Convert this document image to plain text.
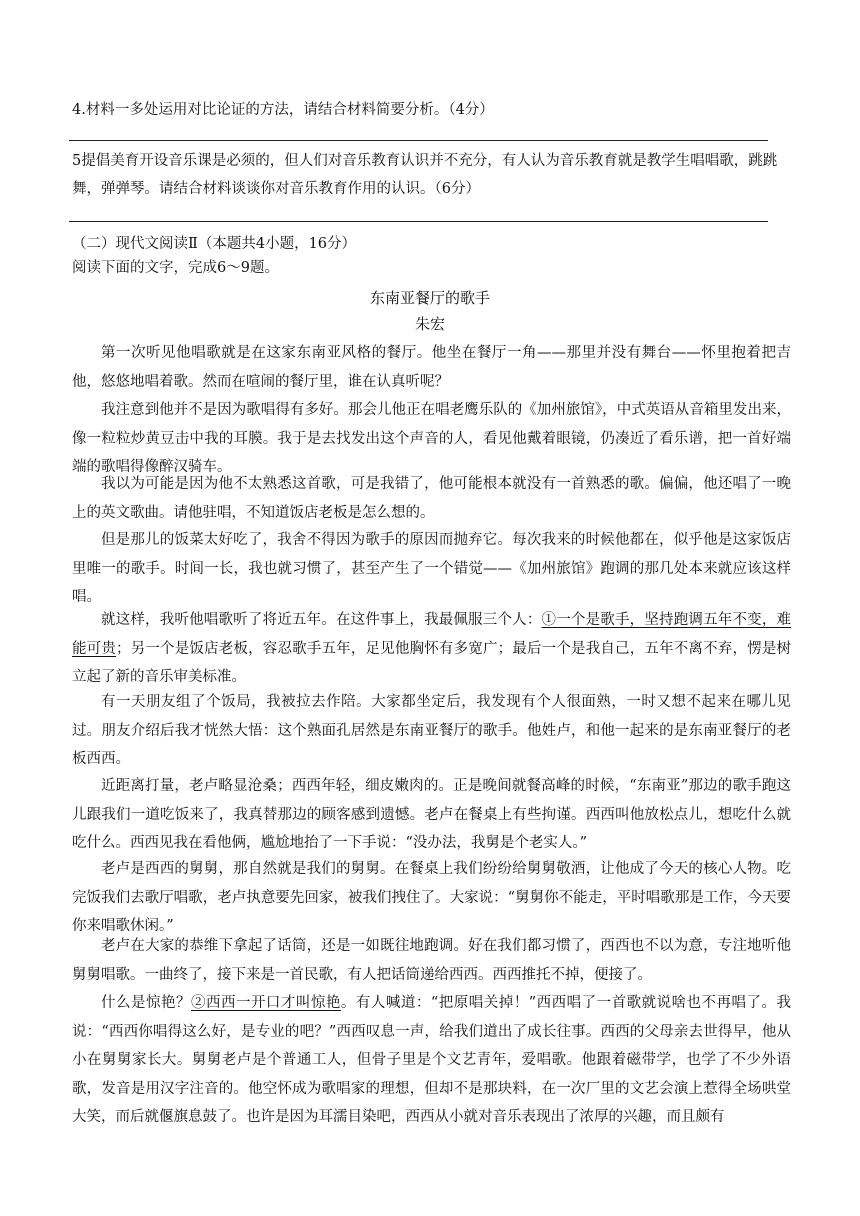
4.材料一多处运用对比论证的方法，请结合材料简要分析。（4分）
5提倡美育开设音乐课是必须的，但人们对音乐教育认识并不充分，有人认为音乐教育就是教学生唱唱歌，跳跳舞，弹弹琴。请结合材料谈谈你对音乐教育作用的认识。（6分）
（二）现代文阅读Ⅱ（本题共4小题，16分）
阅读下面的文字，完成6～9题。
东南亚餐厅的歌手
朱宏

第一次听见他唱歌就是在这家东南亚风格的餐厅。他坐在餐厅一角——那里并没有舞台——怀里抱着把吉他，悠悠地唱着歌。然而在喧闹的餐厅里，谁在认真听呢？

我注意到他并不是因为歌唱得有多好。那会儿他正在唱老鹰乐队的《加州旅馆》，中式英语从音箱里发出来，像一粒粒炒黄豆击中我的耳膜。我于是去找发出这个声音的人，看见他戴着眼镜，仍凑近了看乐谱，把一首好端端的歌唱得像醉汉骑车。

我以为可能是因为他不太熟悉这首歌，可是我错了，他可能根本就没有一首熟悉的歌。偏偏，他还唱了一晚上的英文歌曲。请他驻唱，不知道饭店老板是怎么想的。

但是那儿的饭菜太好吃了，我舍不得因为歌手的原因而抛弃它。每次我来的时候他都在，似乎他是这家饭店里唯一的歌手。时间一长，我也就习惯了，甚至产生了一个错觉——《加州旅馆》跑调的那几处本来就应该这样唱。

就这样，我听他唱歌听了将近五年。在这件事上，我最佩服三个人：①一个是歌手，坚持跑调五年不变，难能可贵；另一个是饭店老板，容忍歌手五年，足见他胸怀有多宽广；最后一个是我自己，五年不离不弃，愣是树立起了新的音乐审美标准。

有一天朋友组了个饭局，我被拉去作陪。大家都坐定后，我发现有个人很面熟，一时又想不起来在哪儿见过。朋友介绍后我才恍然大悟：这个熟面孔居然是东南亚餐厅的歌手。他姓卢，和他一起来的是东南亚餐厅的老板西西。

近距离打量，老卢略显沧桑；西西年轻，细皮嫩肉的。正是晚间就餐高峰的时候，“东南亚”那边的歌手跑这儿跟我们一道吃饭来了，我真替那边的顾客感到遗憾。老卢在餐桌上有些拘谨。西西叫他放松点儿，想吃什么就吃什么。西西见我在看他俩，尴尬地抬了一下手说：“没办法，我舅是个老实人。”

老卢是西西的舅舅，那自然就是我们的舅舅。在餐桌上我们纷纷给舅舅敬酒，让他成了今天的核心人物。吃完饭我们去歌厅唱歌，老卢执意要先回家，被我们拽住了。大家说：“舅舅你不能走，平时唱歌那是工作，今天要你来唱歌休闲。”

老卢在大家的恭维下拿起了话筒，还是一如既往地跑调。好在我们都习惯了，西西也不以为意，专注地听他舅舅唱歌。一曲终了，接下来是一首民歌，有人把话筒递给西西。西西推托不掉，便接了。

什么是惊艳？②西西一开口才叫惊艳。有人喊道：“把原唱关掉！”西西唱了一首歌就说啥也不再唱了。我说：“西西你唱得这么好，是专业的吧？”西西叹息一声，给我们道出了成长往事。西西的父母亲去世得早，他从小在舅舅家长大。舅舅老卢是个普通工人，但骨子里是个文艺青年，爱唱歌。他跟着磁带学，也学了不少外语歌，发音是用汉字注音的。他空怀成为歌唱家的理想，但却不是那块料，在一次厂里的文艺会演上惹得全场哄堂大笑，而后就偃旗息鼓了。也许是因为耳濡目染吧，西西从小就对音乐表现出了浓厚的兴趣，而且颇有
